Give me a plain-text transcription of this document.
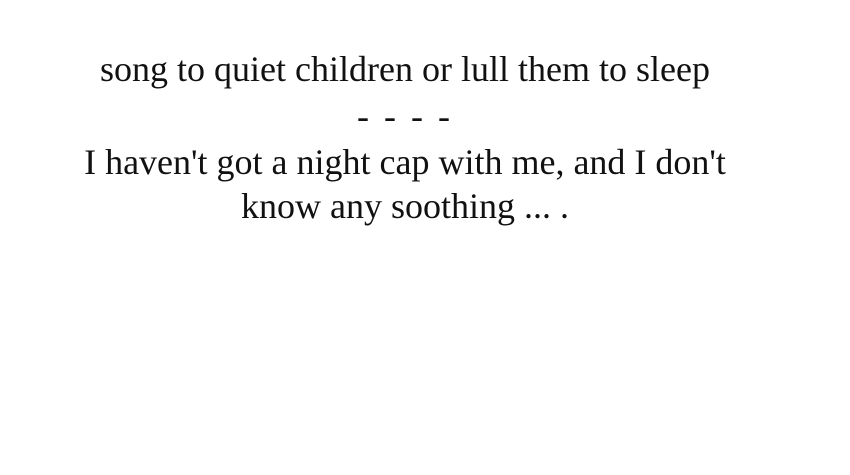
song to quiet children or lull them to sleep
- - - -
I haven't got a night cap with me, and I don't
know any soothing ... .
